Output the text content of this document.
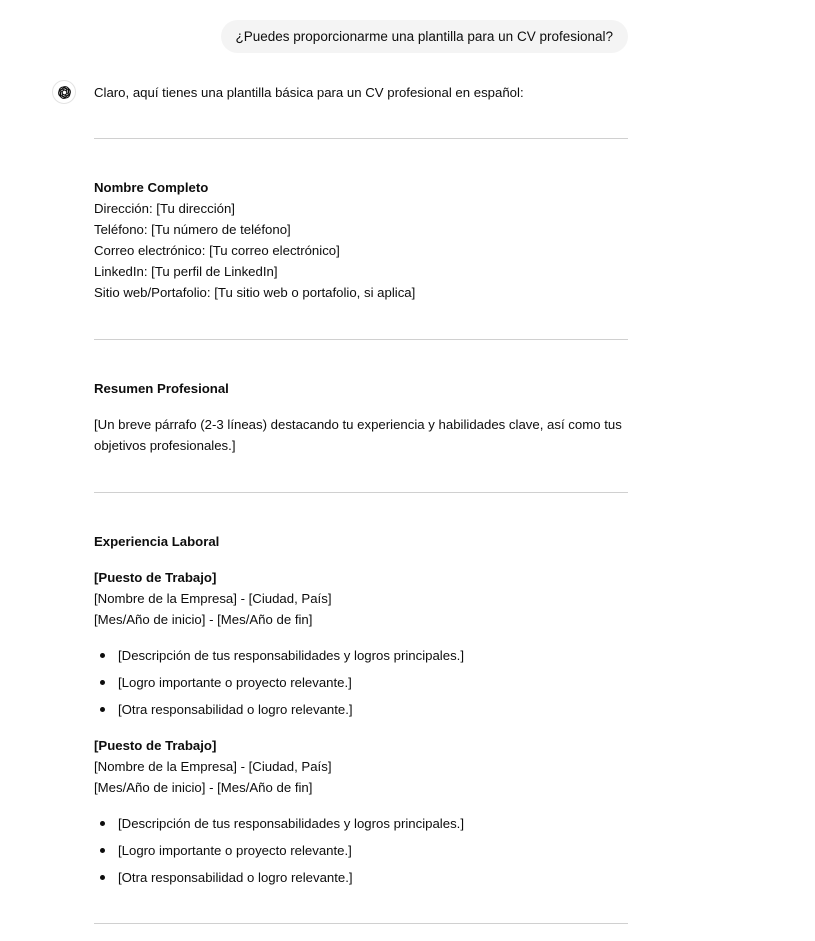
¿Puedes proporcionarme una plantilla para un CV profesional?

Claro, aquí tienes una plantilla básica para un CV profesional en español:

Nombre Completo

Dirección: [Tu dirección]

Teléfono: [Tu número de teléfono]

Correo electrónico: [Tu correo electrónico]

LinkedIn: [Tu perfil de LinkedIn]

Sitio web/Portafolio: [Tu sitio web o portafolio, si aplica]

Resumen Profesional

[Un breve párrafo (2-3 líneas) destacando tu experiencia y habilidades clave, así como tus objetivos profesionales.]

Experiencia Laboral

[Puesto de Trabajo]

[Nombre de la Empresa] - [Ciudad, País]

[Mes/Año de inicio] - [Mes/Año de fin]

[Descripción de tus responsabilidades y logros principales.]
[Logro importante o proyecto relevante.]
[Otra responsabilidad o logro relevante.]

[Puesto de Trabajo]

[Nombre de la Empresa] - [Ciudad, País]

[Mes/Año de inicio] - [Mes/Año de fin]

[Descripción de tus responsabilidades y logros principales.]
[Logro importante o proyecto relevante.]
[Otra responsabilidad o logro relevante.]
